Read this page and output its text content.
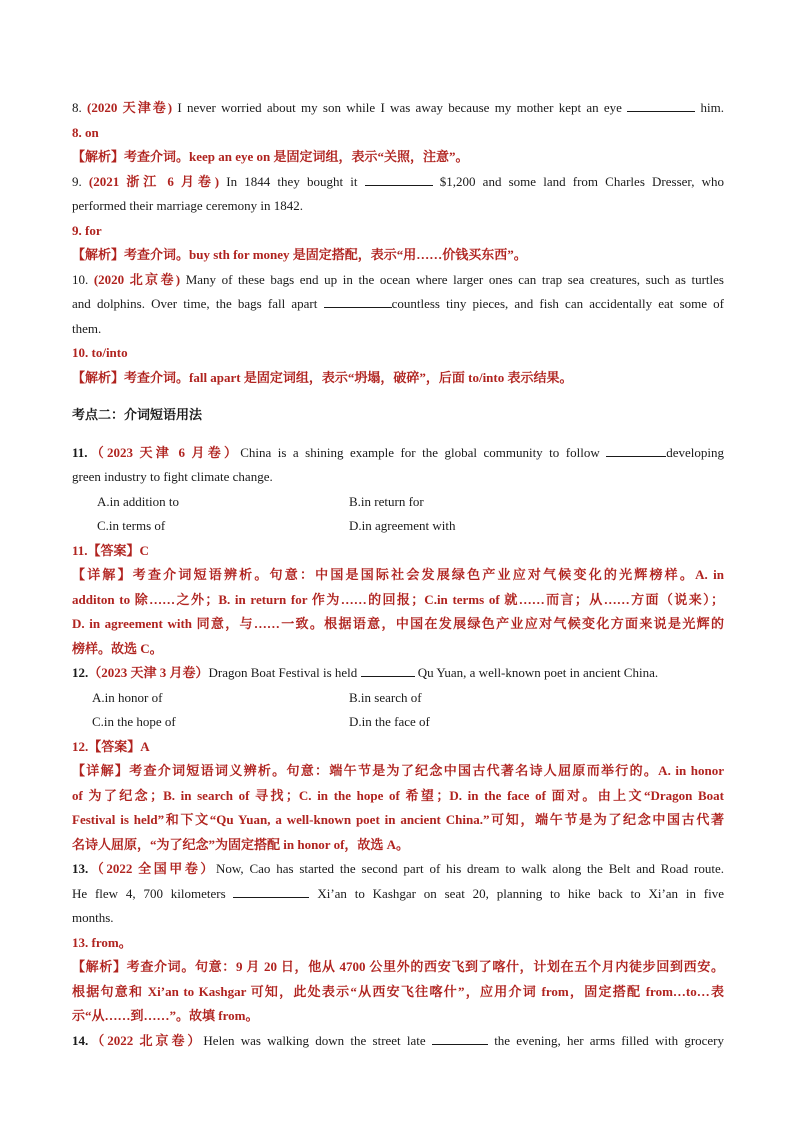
8. (2020 天津卷) I never worried about my son while I was away because my mother kept an eye	him.

8. on

【解析】考查介词。keep an eye on 是固定词组，表示“关照，注意”。

9. (2021 浙江 6 月卷) In 1844 they bought it	$1,200 and some land from Charles Dresser, who

performed their marriage ceremony in 1842.

9. for

【解析】考查介词。buy sth for money 是固定搭配，表示“用……价钱买东西”。

10. (2020 北京卷) Many of these bags end up in the ocean where larger ones can trap sea creatures, such as turtles

and dolphins. Over time, the bags fall apart	countless tiny pieces, and fish can accidentally eat some of

them.

10. to/into

【解析】考查介词。fall apart 是固定词组，表示“坍塌，破碎”，后面 to/into 表示结果。

考点二：介词短语用法

11.（2023 天津 6 月卷）China is a shining example for the global community to follow	developing

green industry to fight climate change.

A.in addition to	B.in return for
C.in terms of	D.in agreement with

11.【答案】C

【详解】考查介词短语辨析。句意：中国是国际社会发展绿色产业应对气候变化的光辉榜样。A. in

additon to 除……之外；B. in return for 作为……的回报；C.in terms of 就……而言；从……方面（说来）；

D. in agreement with 同意，与……一致。根据语意，中国在发展绿色产业应对气候变化方面来说是光辉的

榜样。故选 C。

12.（2023 天津 3 月卷）Dragon Boat Festival is held	Qu Yuan, a well-known poet in ancient China.

A.in honor of	B.in search of
C.in the hope of	D.in the face of

12.【答案】A

【详解】考查介词短语词义辨析。句意：端午节是为了纪念中国古代著名诗人屈原而举行的。A. in honor

of 为了纪念；B. in search of 寻找；C. in the hope of 希望；D. in the face of 面对。由上文“Dragon Boat

Festival is held”和下文“Qu Yuan, a well-known poet in ancient China.”可知，端午节是为了纪念中国古代著

名诗人屈原，“为了纪念”为固定搭配 in honor of，故选 A。

13.（2022 全国甲卷）Now, Cao has started the second part of his dream to walk along the Belt and Road route.

He flew 4, 700 kilometers	Xi’an to Kashgar on seat 20, planning to hike back to Xi’an in five

months.

13. from。

【解析】考查介词。句意：9 月 20 日，他从 4700 公里外的西安飞到了喀什，计划在五个月内徒步回到西安。

根据句意和 Xi’an to Kashgar 可知，此处表示“从西安飞往喀什”，应用介词 from，固定搭配 from…to…表

示“从……到……”。故填 from。

14.（2022 北京卷）Helen was walking down the street late	the evening, her arms filled with grocery
